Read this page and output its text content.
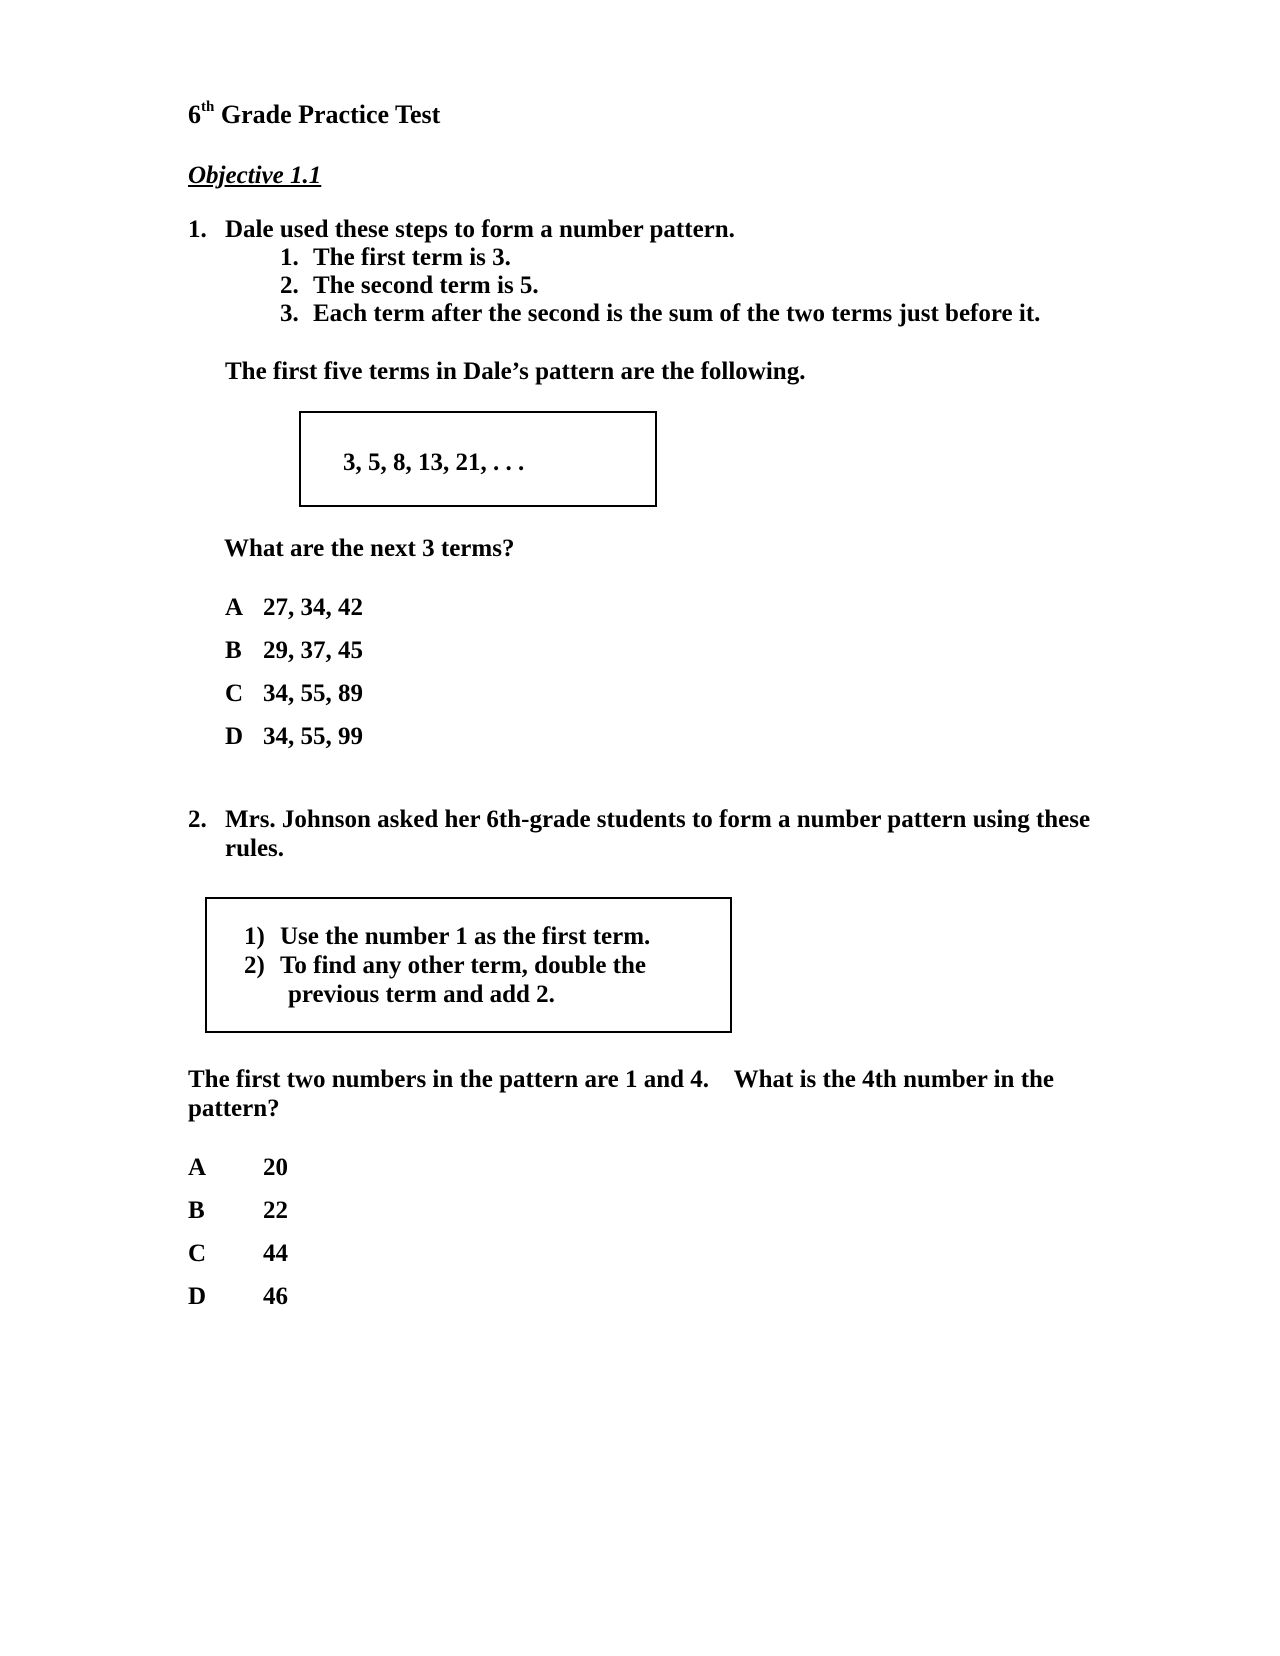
6th Grade Practice Test
Objective 1.1
1. Dale used these steps to form a number pattern.
1. The first term is 3.
2. The second term is 5.
3. Each term after the second is the sum of the two terms just before it.
The first five terms in Dale’s pattern are the following.
3, 5, 8, 13, 21, . . .
What are the next 3 terms?
A 27, 34, 42
B 29, 37, 45
C 34, 55, 89
D 34, 55, 99
2. Mrs. Johnson asked her 6th-grade students to form a number pattern using these
rules.
1) Use the number 1 as the first term.
2) To find any other term, double the
previous term and add 2.
The first two numbers in the pattern are 1 and 4.    What is the 4th number in the
pattern?
A 20
B 22
C 44
D 46
